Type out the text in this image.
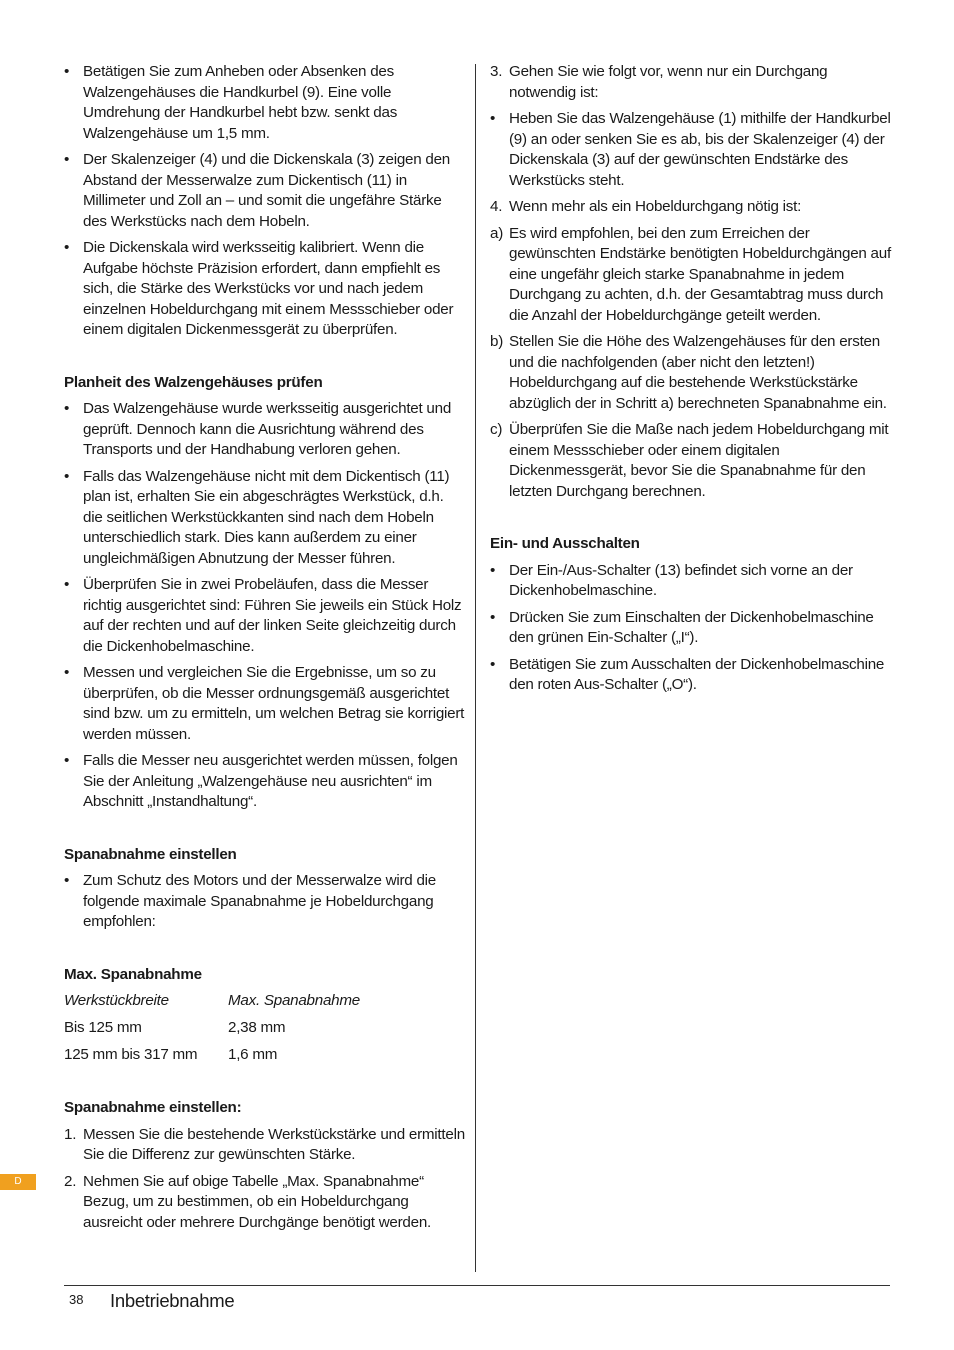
• Betätigen Sie zum Anheben oder Absenken des Walzengehäuses die Handkurbel (9). Eine volle Umdrehung der Handkurbel hebt bzw. senkt das Walzengehäuse um 1,5 mm.
• Der Skalenzeiger (4) und die Dickenskala (3) zeigen den Abstand der Messerwalze zum Dickentisch (11) in Millimeter und Zoll an – und somit die ungefähre Stärke des Werkstücks nach dem Hobeln.
• Die Dickenskala wird werksseitig kalibriert. Wenn die Aufgabe höchste Präzision erfordert, dann empfiehlt es sich, die Stärke des Werkstücks vor und nach jedem einzelnen Hobeldurchgang mit einem Messschieber oder einem digitalen Dickenmessgerät zu überprüfen.
Planheit des Walzengehäuses prüfen
• Das Walzengehäuse wurde werksseitig ausgerichtet und geprüft. Dennoch kann die Ausrichtung während des Transports und der Handhabung verloren gehen.
• Falls das Walzengehäuse nicht mit dem Dickentisch (11) plan ist, erhalten Sie ein abgeschrägtes Werkstück, d.h. die seitlichen Werkstückkanten sind nach dem Hobeln unterschiedlich stark. Dies kann außerdem zu einer ungleichmäßigen Abnutzung der Messer führen.
• Überprüfen Sie in zwei Probeläufen, dass die Messer richtig ausgerichtet sind: Führen Sie jeweils ein Stück Holz auf der rechten und auf der linken Seite gleichzeitig durch die Dickenhobelmaschine.
• Messen und vergleichen Sie die Ergebnisse, um so zu überprüfen, ob die Messer ordnungsgemäß ausgerichtet sind bzw. um zu ermitteln, um welchen Betrag sie korrigiert werden müssen.
• Falls die Messer neu ausgerichtet werden müssen, folgen Sie der Anleitung „Walzengehäuse neu ausrichten“ im Abschnitt „Instandhaltung“.
Spanabnahme einstellen
• Zum Schutz des Motors und der Messerwalze wird die folgende maximale Spanabnahme je Hobeldurchgang empfohlen:
Max. Spanabnahme
Werkstückbreite	Max. Spanabnahme
Bis 125 mm	2,38 mm
125 mm bis 317 mm	1,6 mm
Spanabnahme einstellen:
1. Messen Sie die bestehende Werkstückstärke und ermitteln Sie die Differenz zur gewünschten Stärke.
2. Nehmen Sie auf obige Tabelle „Max. Spanabnahme“ Bezug, um zu bestimmen, ob ein Hobeldurchgang ausreicht oder mehrere Durchgänge benötigt werden.
3. Gehen Sie wie folgt vor, wenn nur ein Durchgang notwendig ist:
• Heben Sie das Walzengehäuse (1) mithilfe der Handkurbel (9) an oder senken Sie es ab, bis der Skalenzeiger (4) der Dickenskala (3) auf der gewünschten Endstärke des Werkstücks steht.
4. Wenn mehr als ein Hobeldurchgang nötig ist:
a) Es wird empfohlen, bei den zum Erreichen der gewünschten Endstärke benötigten Hobeldurchgängen auf eine ungefähr gleich starke Spanabnahme in jedem Durchgang zu achten, d.h. der Gesamtabtrag muss durch die Anzahl der Hobeldurchgänge geteilt werden.
b) Stellen Sie die Höhe des Walzengehäuses für den ersten und die nachfolgenden (aber nicht den letzten!) Hobeldurchgang auf die bestehende Werkstückstärke abzüglich der in Schritt a) berechneten Spanabnahme ein.
c) Überprüfen Sie die Maße nach jedem Hobeldurchgang mit einem Messschieber oder einem digitalen Dickenmessgerät, bevor Sie die Spanabnahme für den letzten Durchgang berechnen.
Ein- und Ausschalten
• Der Ein-/Aus-Schalter (13) befindet sich vorne an der Dickenhobelmaschine.
• Drücken Sie zum Einschalten der Dickenhobelmaschine den grünen Ein-Schalter („I“).
• Betätigen Sie zum Ausschalten der Dickenhobelmaschine den roten Aus-Schalter („O“).
D
38 Inbetriebnahme
